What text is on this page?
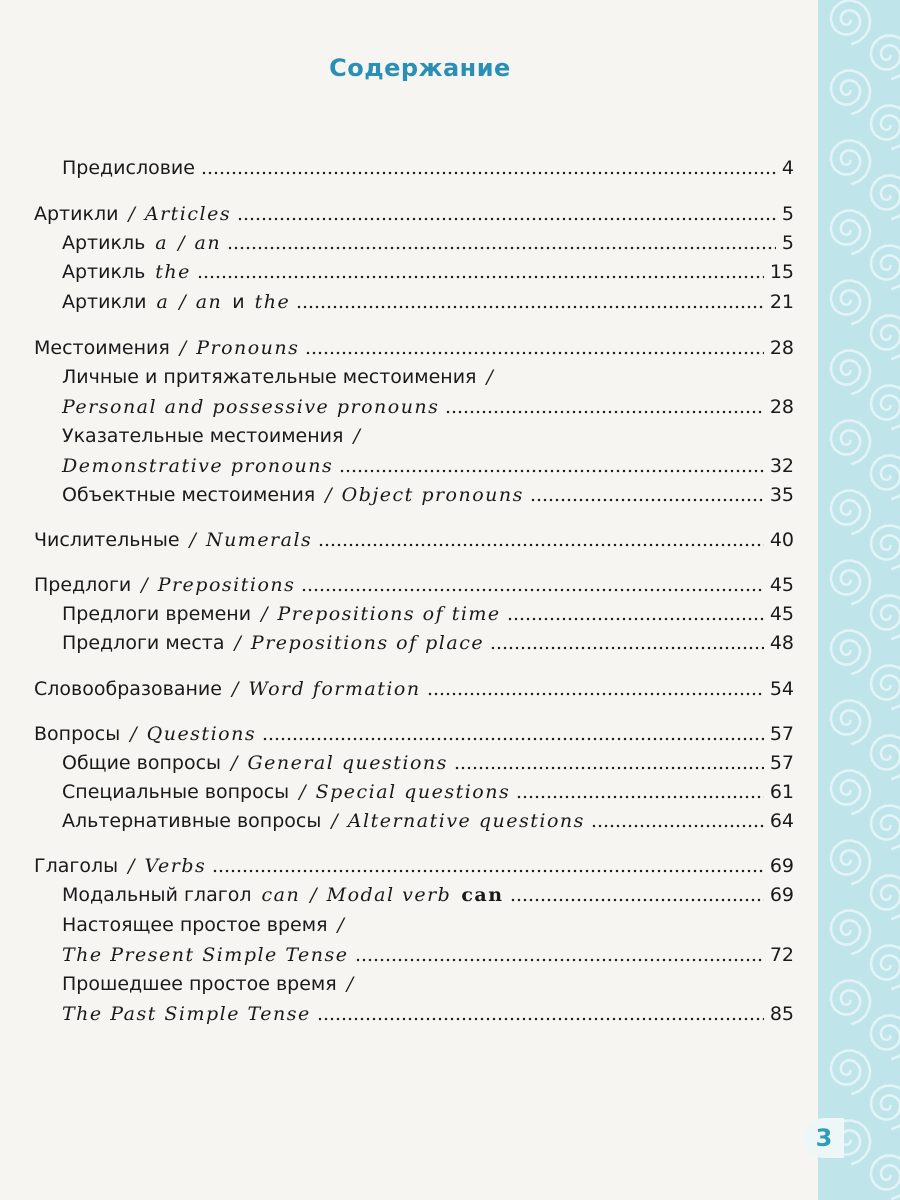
Содержание
Предисловие	4
Артикли / Articles	5
Артикль a / an	5
Артикль the	15
Артикли a / an и the	21
Местоимения / Pronouns	28
Личные и притяжательные местоимения /
Personal and possessive pronouns	28
Указательные местоимения /
Demonstrative pronouns	32
Объектные местоимения / Object pronouns	35
Числительные / Numerals	40
Предлоги / Prepositions	45
Предлоги времени / Prepositions of time	45
Предлоги места / Prepositions of place	48
Словообразование / Word formation	54
Вопросы / Questions	57
Общие вопросы / General questions	57
Специальные вопросы / Special questions	61
Альтернативные вопросы / Alternative questions	64
Глаголы / Verbs	69
Модальный глагол can / Modal verb can	69
Настоящее простое время /
The Present Simple Tense	72
Прошедшее простое время /
The Past Simple Tense	85
3
